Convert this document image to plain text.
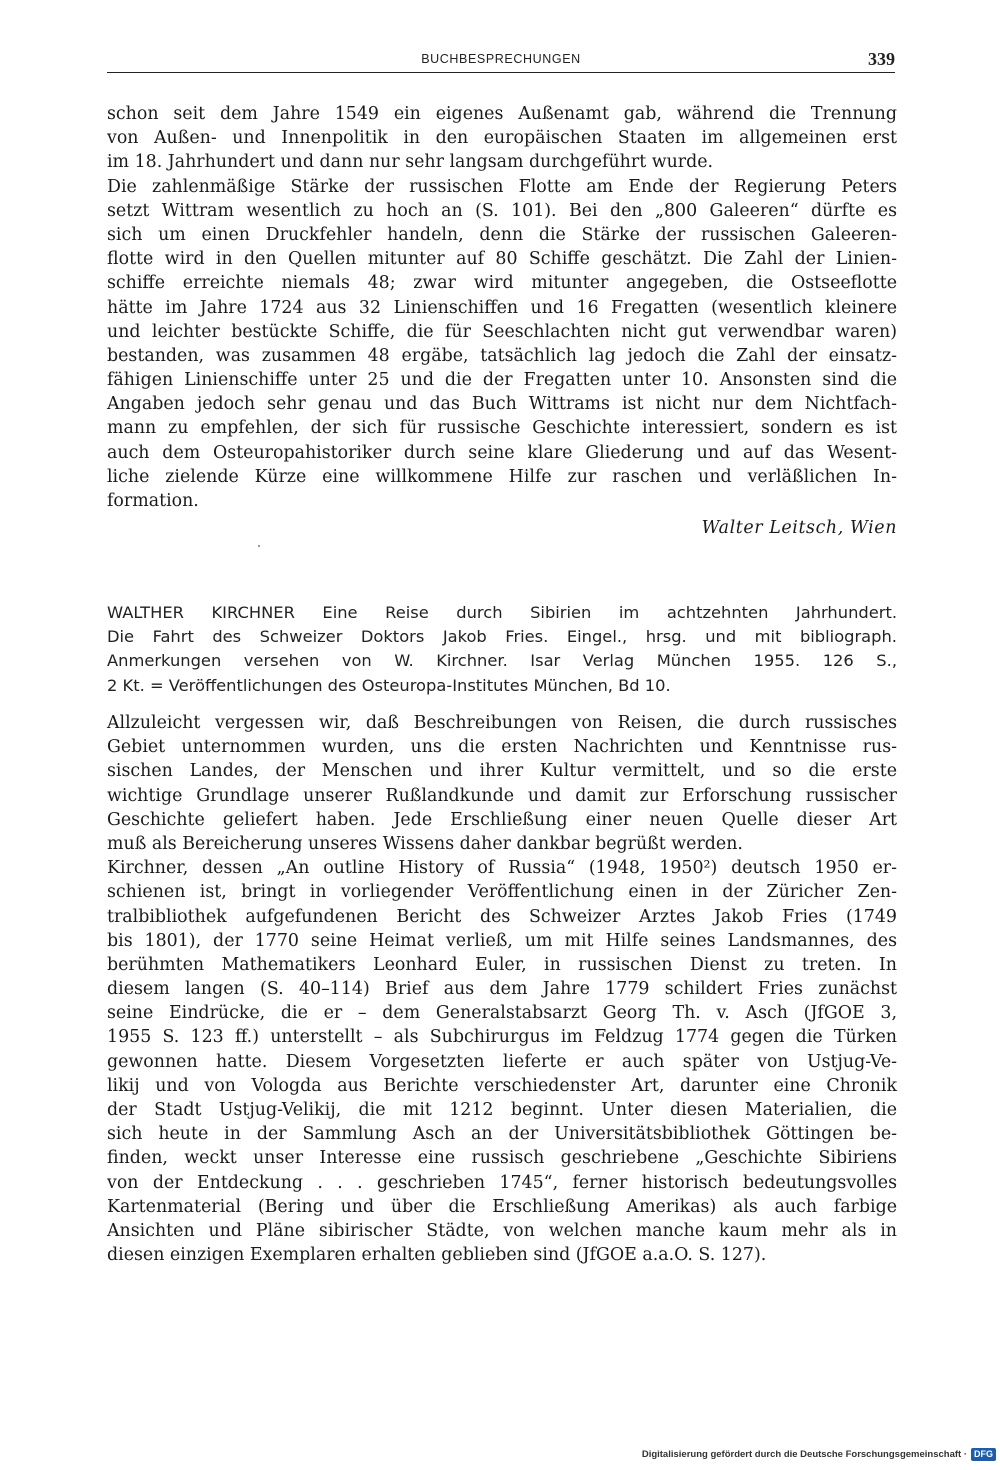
BUCHBESPRECHUNGEN	339
schon seit dem Jahre 1549 ein eigenes Außenamt gab, während die Trennung
von Außen- und Innenpolitik in den europäischen Staaten im allgemeinen erst
im 18. Jahrhundert und dann nur sehr langsam durchgeführt wurde.
Die zahlenmäßige Stärke der russischen Flotte am Ende der Regierung Peters
setzt Wittram wesentlich zu hoch an (S. 101). Bei den „800 Galeeren“ dürfte es
sich um einen Druckfehler handeln, denn die Stärke der russischen Galeeren-
flotte wird in den Quellen mitunter auf 80 Schiffe geschätzt. Die Zahl der Linien-
schiffe erreichte niemals 48; zwar wird mitunter angegeben, die Ostseeflotte
hätte im Jahre 1724 aus 32 Linienschiffen und 16 Fregatten (wesentlich kleinere
und leichter bestückte Schiffe, die für Seeschlachten nicht gut verwendbar waren)
bestanden, was zusammen 48 ergäbe, tatsächlich lag jedoch die Zahl der einsatz-
fähigen Linienschiffe unter 25 und die der Fregatten unter 10. Ansonsten sind die
Angaben jedoch sehr genau und das Buch Wittrams ist nicht nur dem Nichtfach-
mann zu empfehlen, der sich für russische Geschichte interessiert, sondern es ist
auch dem Osteuropahistoriker durch seine klare Gliederung und auf das Wesent-
liche zielende Kürze eine willkommene Hilfe zur raschen und verläßlichen In-
formation.
Walter Leitsch, Wien
WALTHER KIRCHNER Eine Reise durch Sibirien im achtzehnten Jahrhundert.
Die Fahrt des Schweizer Doktors Jakob Fries. Eingel., hrsg. und mit bibliograph.
Anmerkungen versehen von W. Kirchner. Isar Verlag München 1955. 126 S.,
2 Kt. = Veröffentlichungen des Osteuropa-Institutes München, Bd 10.
Allzuleicht vergessen wir, daß Beschreibungen von Reisen, die durch russisches
Gebiet unternommen wurden, uns die ersten Nachrichten und Kenntnisse rus-
sischen Landes, der Menschen und ihrer Kultur vermittelt, und so die erste
wichtige Grundlage unserer Rußlandkunde und damit zur Erforschung russischer
Geschichte geliefert haben. Jede Erschließung einer neuen Quelle dieser Art
muß als Bereicherung unseres Wissens daher dankbar begrüßt werden.
Kirchner, dessen „An outline History of Russia“ (1948, 1950²) deutsch 1950 er-
schienen ist, bringt in vorliegender Veröffentlichung einen in der Züricher Zen-
tralbibliothek aufgefundenen Bericht des Schweizer Arztes Jakob Fries (1749
bis 1801), der 1770 seine Heimat verließ, um mit Hilfe seines Landsmannes, des
berühmten Mathematikers Leonhard Euler, in russischen Dienst zu treten. In
diesem langen (S. 40–114) Brief aus dem Jahre 1779 schildert Fries zunächst
seine Eindrücke, die er – dem Generalstabsarzt Georg Th. v. Asch (JfGOE 3,
1955 S. 123 ff.) unterstellt – als Subchirurgus im Feldzug 1774 gegen die Türken
gewonnen hatte. Diesem Vorgesetzten lieferte er auch später von Ustjug-Ve-
likij und von Vologda aus Berichte verschiedenster Art, darunter eine Chronik
der Stadt Ustjug-Velikij, die mit 1212 beginnt. Unter diesen Materialien, die
sich heute in der Sammlung Asch an der Universitätsbibliothek Göttingen be-
finden, weckt unser Interesse eine russisch geschriebene „Geschichte Sibiriens
von der Entdeckung . . . geschrieben 1745“, ferner historisch bedeutungsvolles
Kartenmaterial (Bering und über die Erschließung Amerikas) als auch farbige
Ansichten und Pläne sibirischer Städte, von welchen manche kaum mehr als in
diesen einzigen Exemplaren erhalten geblieben sind (JfGOE a.a.O. S. 127).
Digitalisierung gefördert durch die Deutsche Forschungsgemeinschaft · DFG
